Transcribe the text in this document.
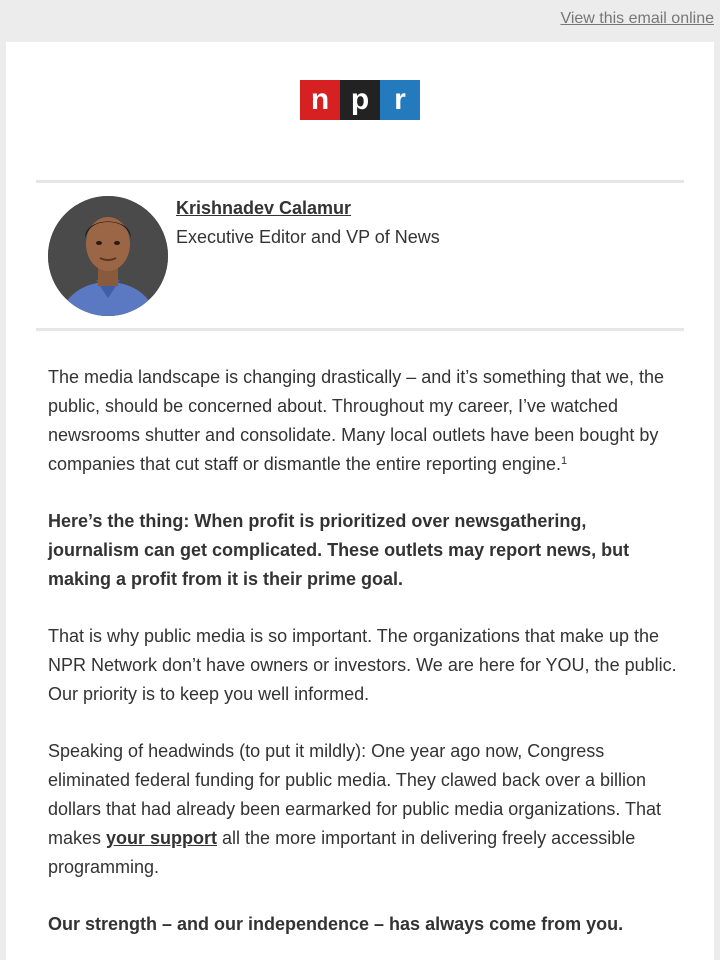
View this email online
n p r
Krishnadev Calamur
Executive Editor and VP of News

The media landscape is changing drastically – and it’s something that we, the public, should be concerned about. Throughout my career, I’ve watched newsrooms shutter and consolidate. Many local outlets have been bought by companies that cut staff or dismantle the entire reporting engine.$^1$

Here’s the thing: When profit is prioritized over newsgathering, journalism can get complicated. These outlets may report news, but making a profit from it is their prime goal.

That is why public media is so important. The organizations that make up the NPR Network don’t have owners or investors. We are here for YOU, the public. Our priority is to keep you well informed.

Speaking of headwinds (to put it mildly): One year ago now, Congress eliminated federal funding for public media. They clawed back over a billion dollars that had already been earmarked for public media organizations. That makes your support all the more important in delivering freely accessible programming.

Our strength – and our independence – has always come from you.
